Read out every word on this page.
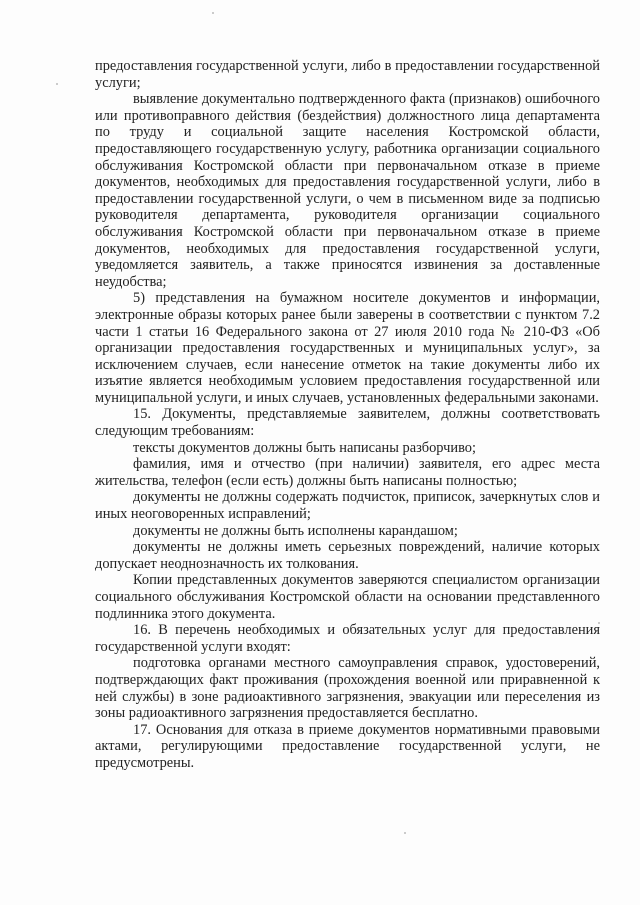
предоставления государственной услуги, либо в предоставлении государственной услуги;

выявление документально подтвержденного факта (признаков) ошибочного или противоправного действия (бездействия) должностного лица департамента по труду и социальной защите населения Костромской области, предоставляющего государственную услугу, работника организации социального обслуживания Костромской области при первоначальном отказе в приеме документов, необходимых для предоставления государственной услуги, либо в предоставлении государственной услуги, о чем в письменном виде за подписью руководителя департамента, руководителя организации социального обслуживания Костромской области при первоначальном отказе в приеме документов, необходимых для предоставления государственной услуги, уведомляется заявитель, а также приносятся извинения за доставленные неудобства;

5) представления на бумажном носителе документов и информации, электронные образы которых ранее были заверены в соответствии с пунктом 7.2 части 1 статьи 16 Федерального закона от 27 июля 2010 года № 210-ФЗ «Об организации предоставления государственных и муниципальных услуг», за исключением случаев, если нанесение отметок на такие документы либо их изъятие является необходимым условием предоставления государственной или муниципальной услуги, и иных случаев, установленных федеральными законами.

15. Документы, представляемые заявителем, должны соответствовать следующим требованиям:

тексты документов должны быть написаны разборчиво;

фамилия, имя и отчество (при наличии) заявителя, его адрес места жительства, телефон (если есть) должны быть написаны полностью;

документы не должны содержать подчисток, приписок, зачеркнутых слов и иных неоговоренных исправлений;

документы не должны быть исполнены карандашом;

документы не должны иметь серьезных повреждений, наличие которых допускает неоднозначность их толкования.

Копии представленных документов заверяются специалистом организации социального обслуживания Костромской области на основании представленного подлинника этого документа.

16. В перечень необходимых и обязательных услуг для предоставления государственной услуги входят:

подготовка органами местного самоуправления справок, удостоверений, подтверждающих факт проживания (прохождения военной или приравненной к ней службы) в зоне радиоактивного загрязнения, эвакуации или переселения из зоны радиоактивного загрязнения предоставляется бесплатно.

17. Основания для отказа в приеме документов нормативными правовыми актами, регулирующими предоставление государственной услуги, не предусмотрены.
